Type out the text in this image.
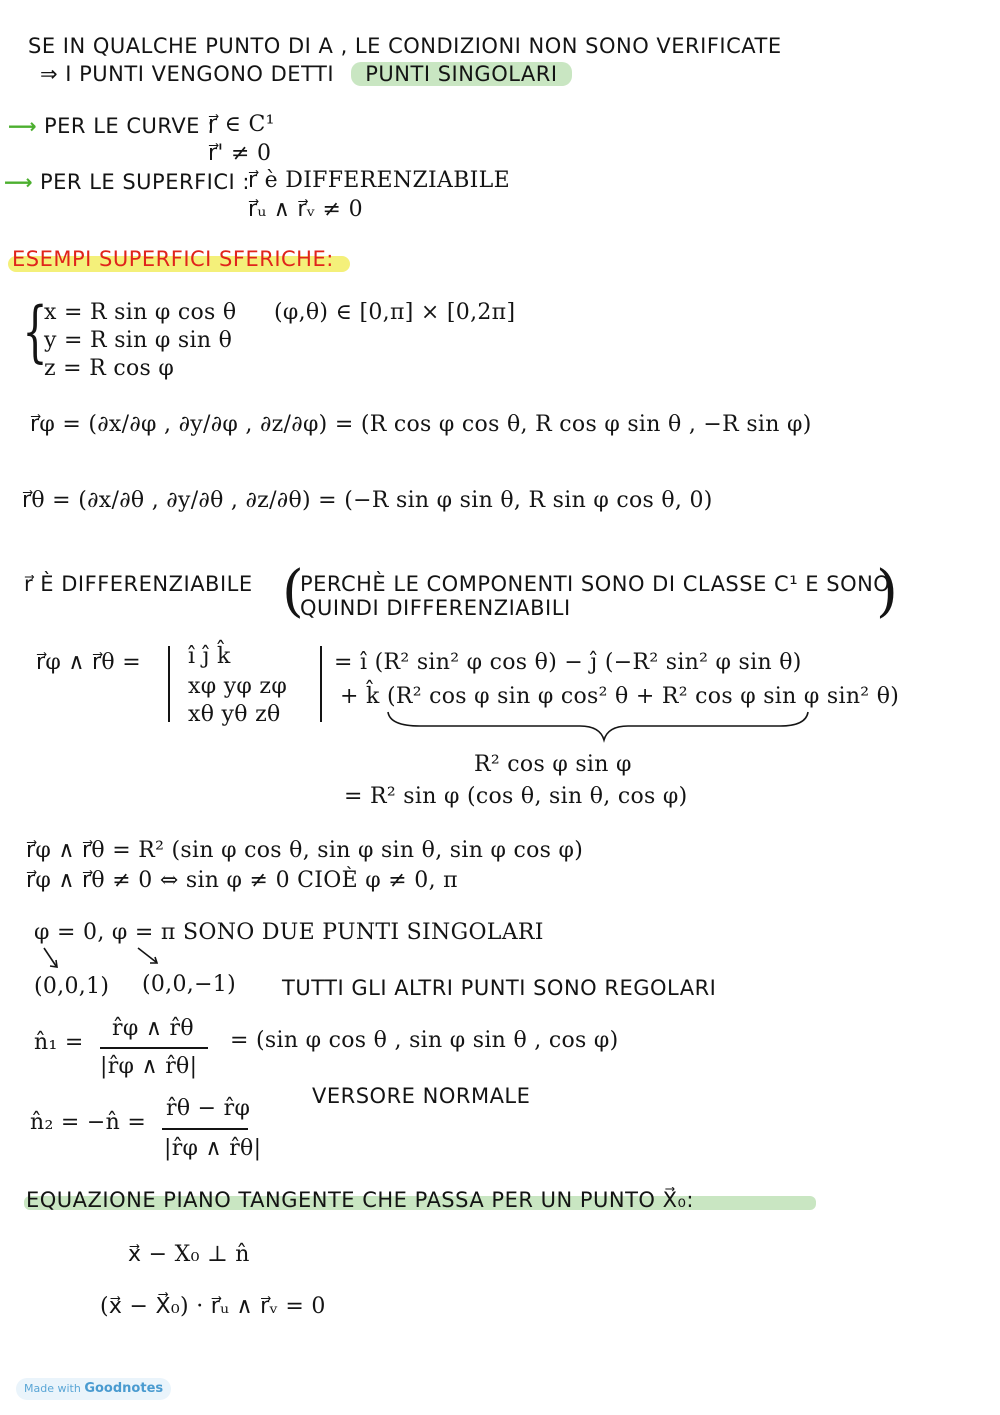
SE IN QUALCHE PUNTO DI A , LE CONDIZIONI NON SONO VERIFICATE
⇒ I PUNTI VENGONO DETTI PUNTI SINGOLARI
⟶ PER LE CURVE :
r⃗ ∈ C¹
r⃗' ≠ 0
⟶ PER LE SUPERFICI :
r⃗ è DIFFERENZIABILE
r⃗ᵤ ∧ r⃗ᵥ ≠ 0
ESEMPI SUPERFICI SFERICHE:
{
x = R sin φ cos θ
y = R sin φ sin θ
z = R cos φ
(φ,θ) ∈ [0,π] × [0,2π]
r⃗φ = (∂x/∂φ , ∂y/∂φ , ∂z/∂φ) = (R cos φ cos θ, R cos φ sin θ , −R sin φ)
r⃗θ = (∂x/∂θ , ∂y/∂θ , ∂z/∂θ) = (−R sin φ sin θ, R sin φ cos θ, 0)
r⃗ È DIFFERENZIABILE (
PERCHÈ LE COMPONENTI SONO DI CLASSE C¹ E SONO
QUINDI DIFFERENZIABILI	)
r⃗φ ∧ r⃗θ = î ĵ k̂
xφ yφ zφ
xθ yθ zθ
= î (R² sin² φ cos θ) − ĵ (−R² sin² φ sin θ)
+ k̂ (R² cos φ sin φ cos² θ + R² cos φ sin φ sin² θ)
R² cos φ sin φ
= R² sin φ (cos θ, sin θ, cos φ)
r⃗φ ∧ r⃗θ = R² (sin φ cos θ, sin φ sin θ, sin φ cos φ)
r⃗φ ∧ r⃗θ ≠ 0 ⇔ sin φ ≠ 0 CIOÈ φ ≠ 0, π
φ = 0, φ = π SONO DUE PUNTI SINGOLARI
(0,0,1) (0,0,−1) TUTTI GLI ALTRI PUNTI SONO REGOLARI
n̂₁ =
r̂φ ∧ r̂θ
|r̂φ ∧ r̂θ|
= (sin φ cos θ , sin φ sin θ , cos φ)
VERSORE NORMALE
n̂₂ = −n̂ =
r̂θ − r̂φ
|r̂φ ∧ r̂θ|
EQUAZIONE PIANO TANGENTE CHE PASSA PER UN PUNTO X⃗₀:
x⃗ − X₀ ⊥ n̂
(x⃗ − X⃗₀) · r⃗ᵤ ∧ r⃗ᵥ = 0
Made with Goodnotes
